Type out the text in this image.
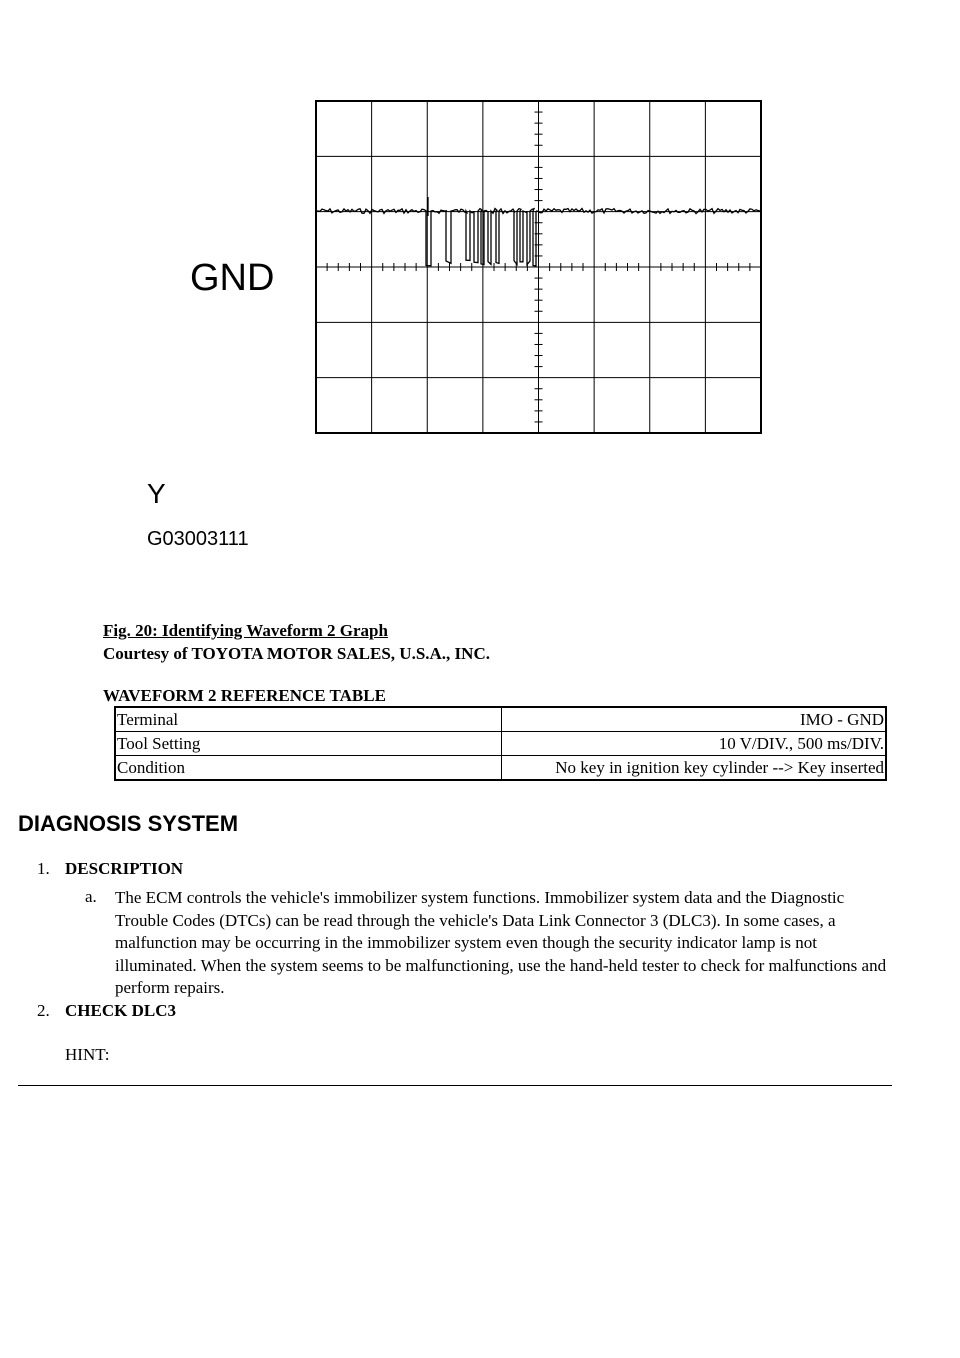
GND
Y
G03003111
Fig. 20: Identifying Waveform 2 Graph
Courtesy of TOYOTA MOTOR SALES, U.S.A., INC.
WAVEFORM 2 REFERENCE TABLE
Terminal	IMO - GND
Tool Setting	10 V/DIV., 500 ms/DIV.
Condition	No key in ignition key cylinder --> Key inserted
DIAGNOSIS SYSTEM
1. DESCRIPTION
a. The ECM controls the vehicle's immobilizer system functions. Immobilizer system data and the Diagnostic Trouble Codes (DTCs) can be read through the vehicle's Data Link Connector 3 (DLC3). In some cases, a malfunction may be occurring in the immobilizer system even though the security indicator lamp is not illuminated. When the system seems to be malfunctioning, use the hand-held tester to check for malfunctions and perform repairs.

2. CHECK DLC3
HINT:
